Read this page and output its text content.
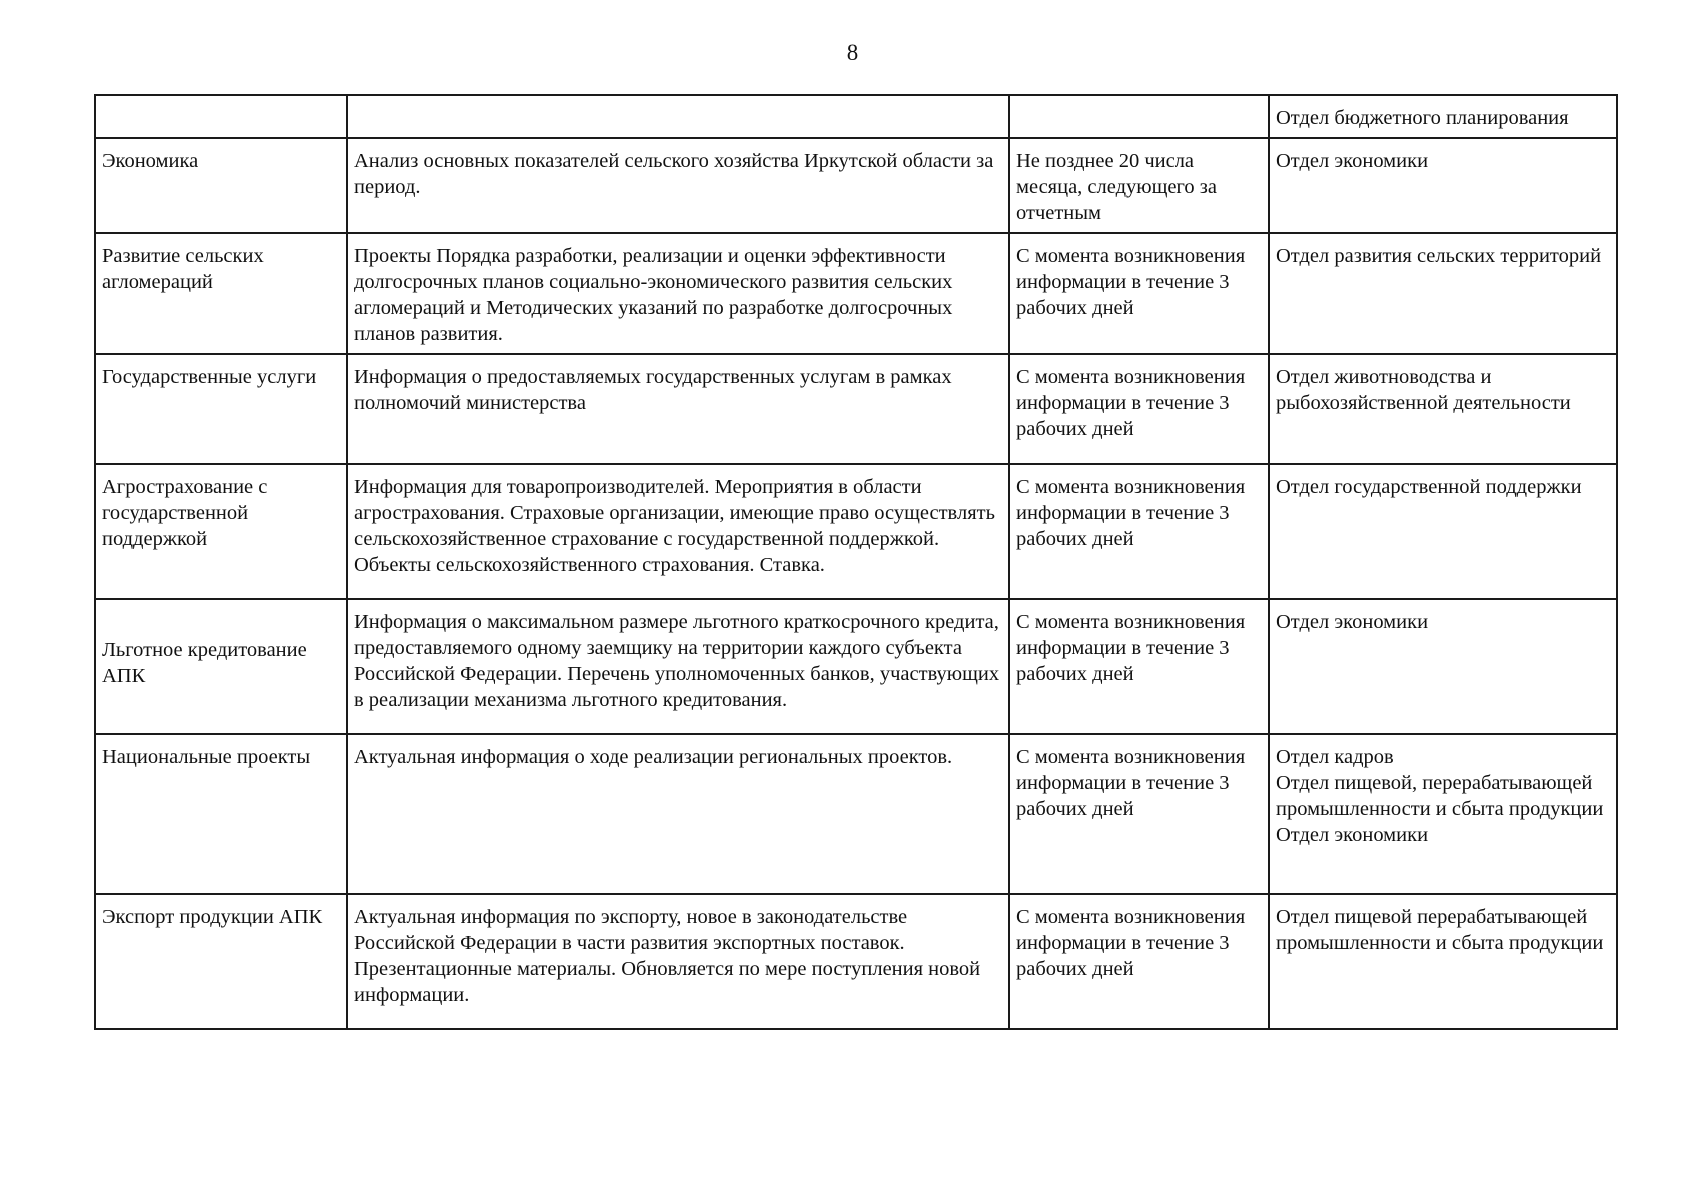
8
			Отдел бюджетного планирования
Экономика	Анализ основных показателей сельского хозяйства Иркутской области за период.	Не позднее 20 числа месяца, следующего за отчетным	Отдел экономики
Развитие сельских агломераций	Проекты Порядка разработки, реализации и оценки эффективности долгосрочных планов социально-экономического развития сельских агломераций и Методических указаний по разработке долгосрочных планов развития.	С момента возникновения информации в течение 3 рабочих дней	Отдел развития сельских территорий
Государственные услуги	Информация о предоставляемых государственных услугам в рамках полномочий министерства	С момента возникновения информации в течение 3 рабочих дней	Отдел животноводства и рыбохозяйственной деятельности
Агрострахование с государственной поддержкой	Информация для товаропроизводителей. Мероприятия в области агрострахования. Страховые организации, имеющие право осуществлять сельскохозяйственное страхование с государственной поддержкой. Объекты сельскохозяйственного страхования. Ставка.	С момента возникновения информации в течение 3 рабочих дней	Отдел государственной поддержки
Льготное кредитование АПК	Информация о максимальном размере льготного краткосрочного кредита, предоставляемого одному заемщику на территории каждого субъекта Российской Федерации. Перечень уполномоченных банков, участвующих в реализации механизма льготного кредитования.	С момента возникновения информации в течение 3 рабочих дней	Отдел экономики
Национальные проекты	Актуальная информация о ходе реализации региональных проектов.	С момента возникновения информации в течение 3 рабочих дней	Отдел кадров
Отдел пищевой, перерабатывающей промышленности и сбыта продукции
Отдел экономики
Экспорт продукции АПК	Актуальная информация по экспорту, новое в законодательстве Российской Федерации в части развития экспортных поставок. Презентационные материалы. Обновляется по мере поступления новой информации.	С момента возникновения информации в течение 3 рабочих дней	Отдел пищевой перерабатывающей промышленности и сбыта продукции
